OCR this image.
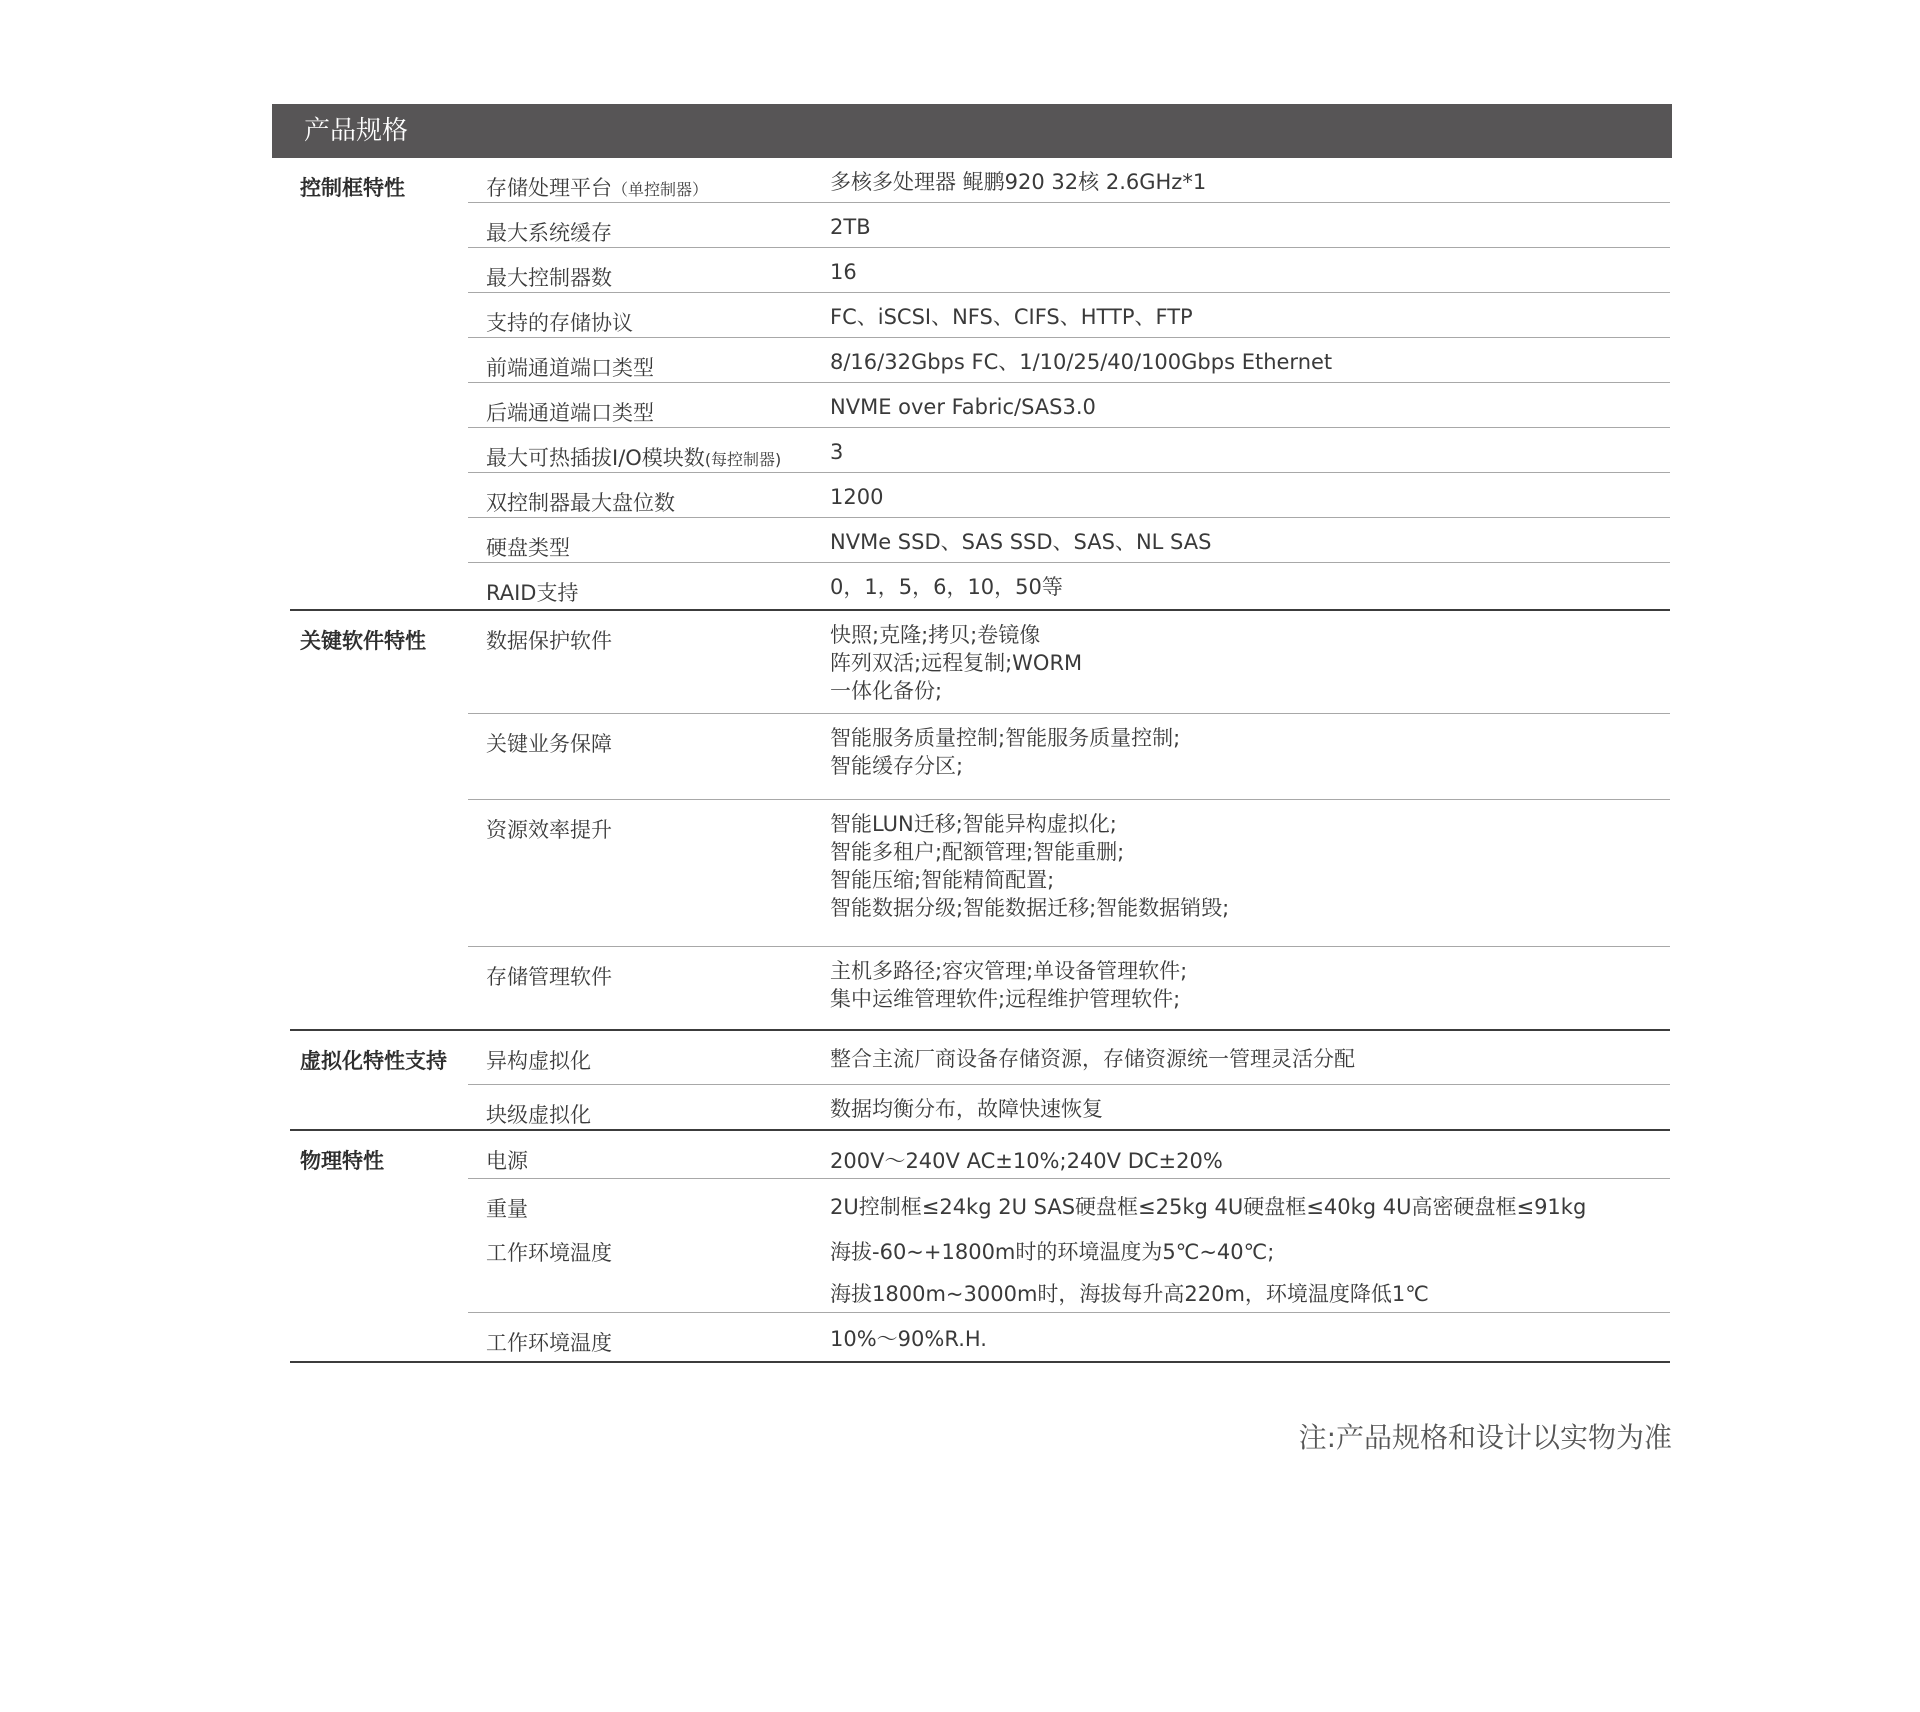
产品规格
控制框特性	存储处理平台（单控制器）	多核多处理器 鲲鹏920 32核 2.6GHz*1
最大系统缓存	2TB
最大控制器数	16
支持的存储协议	FC、iSCSI、NFS、CIFS、HTTP、FTP
前端通道端口类型	8/16/32Gbps FC、1/10/25/40/100Gbps Ethernet
后端通道端口类型	NVME over Fabric/SAS3.0
最大可热插拔I/O模块数(每控制器) 3
双控制器最大盘位数	1200
硬盘类型	NVMe SSD、SAS SSD、SAS、NL SAS
RAID支持	0，1，5，6，10，50等
关键软件特性	数据保护软件	快照;克隆;拷贝;卷镜像
阵列双活;远程复制;WORM
一体化备份;
关键业务保障	智能服务质量控制;智能服务质量控制;
智能缓存分区;
资源效率提升	智能LUN迁移;智能异构虚拟化;
智能多租户;配额管理;智能重删;
智能压缩;智能精简配置;
智能数据分级;智能数据迁移;智能数据销毁;
存储管理软件	主机多路径;容灾管理;单设备管理软件;
集中运维管理软件;远程维护管理软件;
虚拟化特性支持 异构虚拟化	整合主流厂商设备存储资源，存储资源统一管理灵活分配
块级虚拟化	数据均衡分布，故障快速恢复
物理特性	电源	200V～240V AC±10%;240V DC±20%
重量	2U控制框≤24kg 2U SAS硬盘框≤25kg 4U硬盘框≤40kg 4U高密硬盘框≤91kg
工作环境温度	海拔-60~+1800m时的环境温度为5℃~40℃;
海拔1800m~3000m时，海拔每升高220m，环境温度降低1℃
工作环境温度	10%～90%R.H.
注:产品规格和设计以实物为准
